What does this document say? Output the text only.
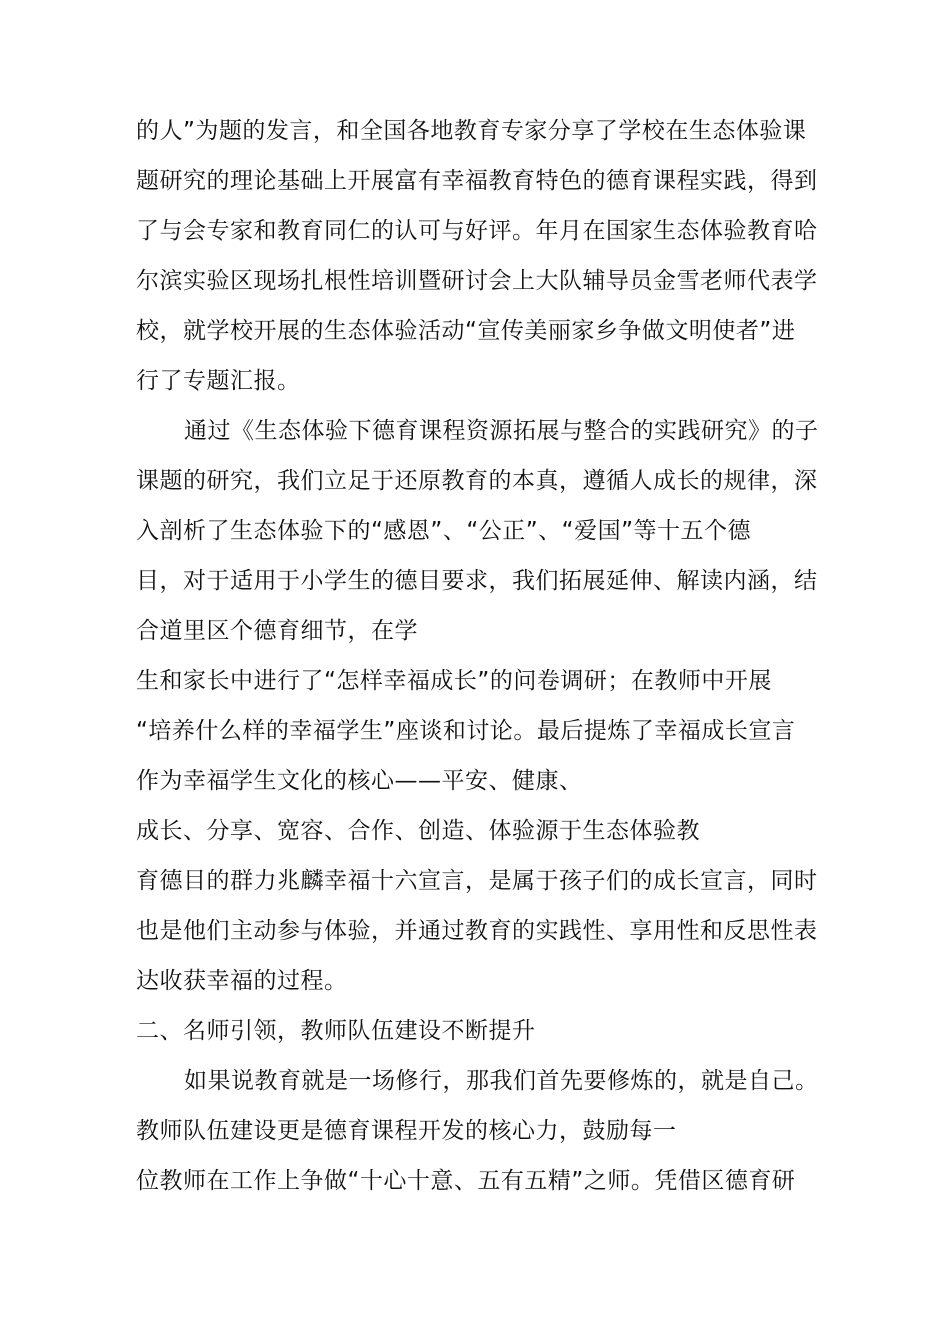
的人”为题的发言，和全国各地教育专家分享了学校在生态体验课
题研究的理论基础上开展富有幸福教育特色的德育课程实践，得到
了与会专家和教育同仁的认可与好评。年月在国家生态体验教育哈
尔滨实验区现场扎根性培训暨研讨会上大队辅导员金雪老师代表学
校，就学校开展的生态体验活动“宣传美丽家乡争做文明使者”进
行了专题汇报。
通过《生态体验下德育课程资源拓展与整合的实践研究》的子
课题的研究，我们立足于还原教育的本真，遵循人成长的规律，深
入剖析了生态体验下的“感恩”、“公正”、“爱国”等十五个德
目，对于适用于小学生的德目要求，我们拓展延伸、解读内涵，结
合道里区个德育细节，在学
生和家长中进行了“怎样幸福成长”的问卷调研；在教师中开展
“培养什么样的幸福学生”座谈和讨论。最后提炼了幸福成长宣言
作为幸福学生文化的核心——平安、健康、
成长、分享、宽容、合作、创造、体验源于生态体验教
育德目的群力兆麟幸福十六宣言，是属于孩子们的成长宣言，同时
也是他们主动参与体验，并通过教育的实践性、享用性和反思性表
达收获幸福的过程。
二、名师引领，教师队伍建设不断提升
如果说教育就是一场修行，那我们首先要修炼的，就是自己。
教师队伍建设更是德育课程开发的核心力，鼓励每一
位教师在工作上争做“十心十意、五有五精”之师。凭借区德育研
